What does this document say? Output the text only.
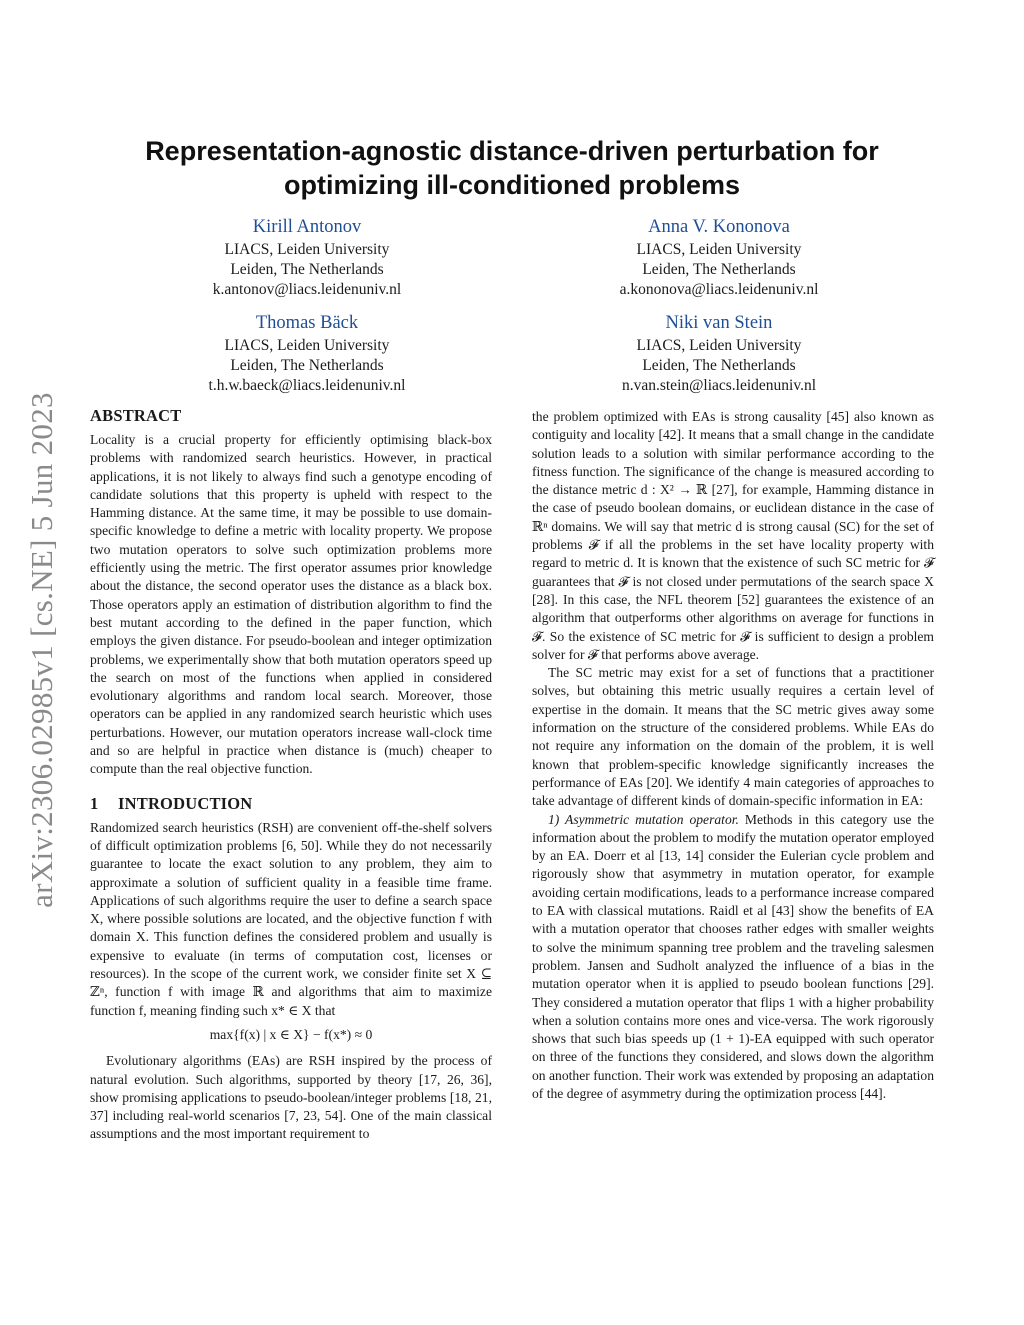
arXiv:2306.02985v1 [cs.NE] 5 Jun 2023
Representation-agnostic distance-driven perturbation for
optimizing ill-conditioned problems
Kirill Antonov
LIACS, Leiden University
Leiden, The Netherlands
k.antonov@liacs.leidenuniv.nl
Anna V. Kononova
LIACS, Leiden University
Leiden, The Netherlands
a.kononova@liacs.leidenuniv.nl
Thomas Bäck
LIACS, Leiden University
Leiden, The Netherlands
t.h.w.baeck@liacs.leidenuniv.nl
Niki van Stein
LIACS, Leiden University
Leiden, The Netherlands
n.van.stein@liacs.leidenuniv.nl
ABSTRACT

Locality is a crucial property for efficiently optimising black-box problems with randomized search heuristics. However, in practical applications, it is not likely to always find such a genotype encoding of candidate solutions that this property is upheld with respect to the Hamming distance. At the same time, it may be possible to use domain-specific knowledge to define a metric with locality property. We propose two mutation operators to solve such optimization problems more efficiently using the metric. The first operator assumes prior knowledge about the distance, the second operator uses the distance as a black box. Those operators apply an estimation of distribution algorithm to find the best mutant according to the defined in the paper function, which employs the given distance. For pseudo-boolean and integer optimization problems, we experimentally show that both mutation operators speed up the search on most of the functions when applied in considered evolutionary algorithms and random local search. Moreover, those operators can be applied in any randomized search heuristic which uses perturbations. However, our mutation operators increase wall-clock time and so are helpful in practice when distance is (much) cheaper to compute than the real objective function.

1 INTRODUCTION

Randomized search heuristics (RSH) are convenient off-the-shelf solvers of difficult optimization problems [6, 50]. While they do not necessarily guarantee to locate the exact solution to any problem, they aim to approximate a solution of sufficient quality in a feasible time frame. Applications of such algorithms require the user to define a search space X, where possible solutions are located, and the objective function f with domain X. This function defines the considered problem and usually is expensive to evaluate (in terms of computation cost, licenses or resources). In the scope of the current work, we consider finite set X ⊆ ℤⁿ, function f with image ℝ and algorithms that aim to maximize function f, meaning finding such x* ∈ X that

max{f(x) | x ∈ X} − f(x*) ≈ 0

Evolutionary algorithms (EAs) are RSH inspired by the process of natural evolution. Such algorithms, supported by theory [17, 26, 36], show promising applications to pseudo-boolean/integer problems [18, 21, 37] including real-world scenarios [7, 23, 54]. One of the main classical assumptions and the most important requirement to

the problem optimized with EAs is strong causality [45] also known as contiguity and locality [42]. It means that a small change in the candidate solution leads to a solution with similar performance according to the fitness function. The significance of the change is measured according to the distance metric d : X² → ℝ [27], for example, Hamming distance in the case of pseudo boolean domains, or euclidean distance in the case of ℝⁿ domains. We will say that metric d is strong causal (SC) for the set of problems 𝓕 if all the problems in the set have locality property with regard to metric d. It is known that the existence of such SC metric for 𝓕 guarantees that 𝓕 is not closed under permutations of the search space X [28]. In this case, the NFL theorem [52] guarantees the existence of an algorithm that outperforms other algorithms on average for functions in 𝓕. So the existence of SC metric for 𝓕 is sufficient to design a problem solver for 𝓕 that performs above average.

The SC metric may exist for a set of functions that a practitioner solves, but obtaining this metric usually requires a certain level of expertise in the domain. It means that the SC metric gives away some information on the structure of the considered problems. While EAs do not require any information on the domain of the problem, it is well known that problem-specific knowledge significantly increases the performance of EAs [20]. We identify 4 main categories of approaches to take advantage of different kinds of domain-specific information in EA:

1) Asymmetric mutation operator. Methods in this category use the information about the problem to modify the mutation operator employed by an EA. Doerr et al [13, 14] consider the Eulerian cycle problem and rigorously show that asymmetry in mutation operator, for example avoiding certain modifications, leads to a performance increase compared to EA with classical mutations. Raidl et al [43] show the benefits of EA with a mutation operator that chooses rather edges with smaller weights to solve the minimum spanning tree problem and the traveling salesmen problem. Jansen and Sudholt analyzed the influence of a bias in the mutation operator when it is applied to pseudo boolean functions [29]. They considered a mutation operator that flips 1 with a higher probability when a solution contains more ones and vice-versa. The work rigorously shows that such bias speeds up (1 + 1)-EA equipped with such operator on three of the functions they considered, and slows down the algorithm on another function. Their work was extended by proposing an adaptation of the degree of asymmetry during the optimization process [44].
